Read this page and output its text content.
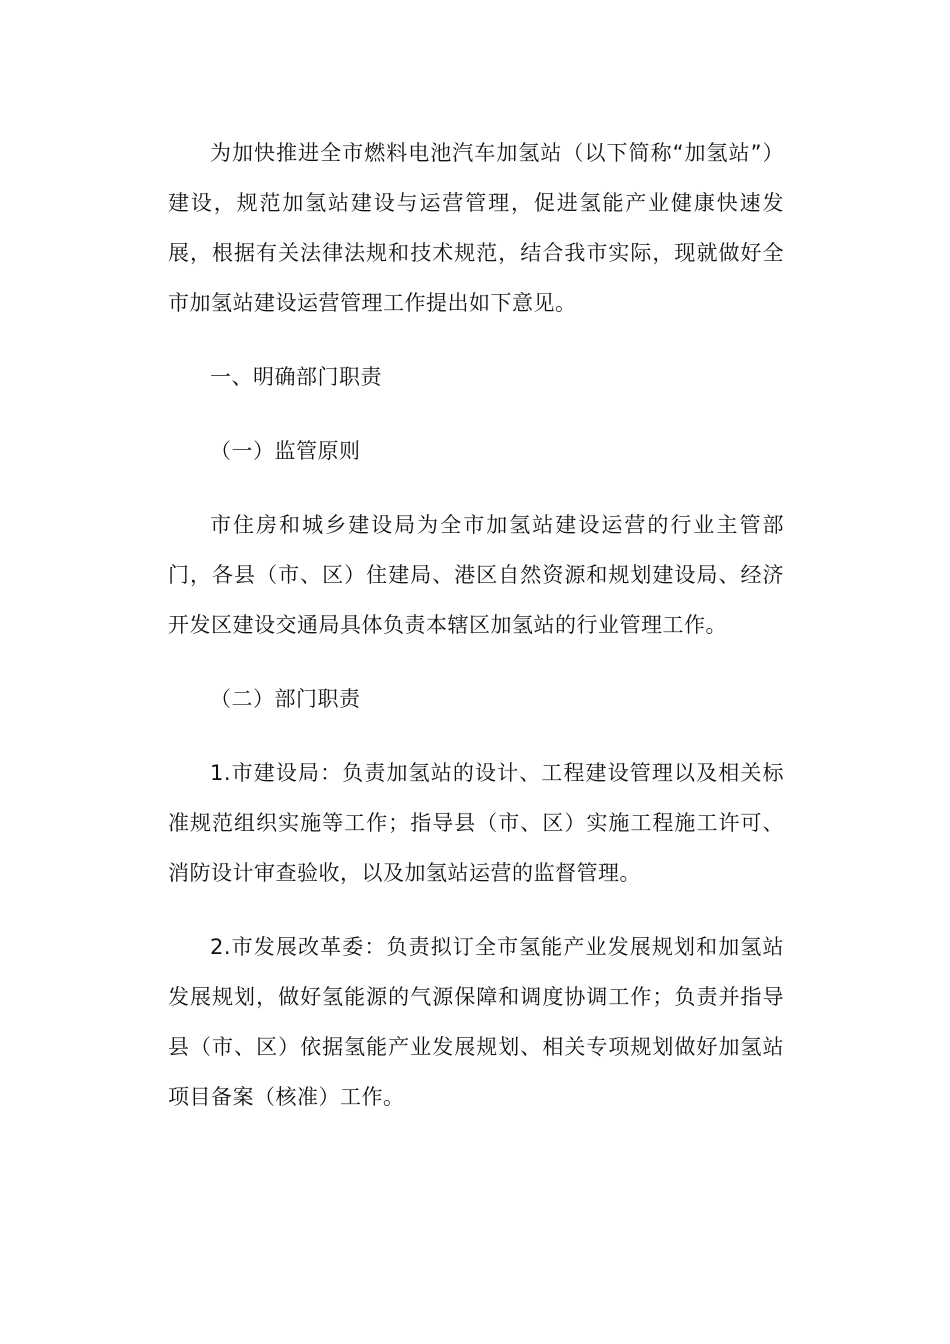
为加快推进全市燃料电池汽车加氢站（以下简称“加氢站”）建设，规范加氢站建设与运营管理，促进氢能产业健康快速发展，根据有关法律法规和技术规范，结合我市实际，现就做好全市加氢站建设运营管理工作提出如下意见。

一、明确部门职责

（一）监管原则

市住房和城乡建设局为全市加氢站建设运营的行业主管部门，各县（市、区）住建局、港区自然资源和规划建设局、经济开发区建设交通局具体负责本辖区加氢站的行业管理工作。

（二）部门职责

1.市建设局：负责加氢站的设计、工程建设管理以及相关标准规范组织实施等工作；指导县（市、区）实施工程施工许可、消防设计审查验收，以及加氢站运营的监督管理。

2.市发展改革委：负责拟订全市氢能产业发展规划和加氢站发展规划，做好氢能源的气源保障和调度协调工作；负责并指导县（市、区）依据氢能产业发展规划、相关专项规划做好加氢站项目备案（核准）工作。
